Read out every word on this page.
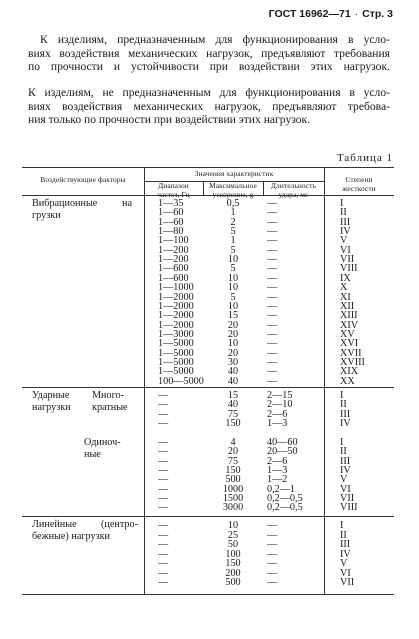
ГОСТ 16962—71 · Стр. 3
К изделиям, предназначенным для функционирования в усло-
виях воздействия механических нагрузок, предъявляют требования
по прочности и устойчивости при воздействии этих нагрузок.
К изделиям, не предназначенным для функционирования в усло-
виях воздействия механических нагрузок, предъявляют требова-
ния только по прочности при воздействии этих нагрузок.
Таблица 1
Воздействующие факторы
Значения характеристик
Диапазон
частот, Гц
Максимальное
ускорение, g
Длительность
удара, мс
Степени
жесткости
Вибрационные на
грузки
Ударные
нагрузки
Много-
кратные
Одиноч-
ные
Линейные (центро-
бежные) нагрузки
1—35
1—60
1—60
1—80
1—100
1—200
1—200
1—600
1—600
1—1000
1—2000
1—2000
1—2000
1—2000
1—3000
1—5000
1—5000
1—5000
1—5000
100—5000
0,5
1
2
5
1
5
10
5
10
10
5
10
15
20
20
10
20
30
40
40
—
—
—
—
—
—
—
—
—
—
—
—
—
—
—
—
—
—
—
—
I
II
III
IV
V
VI
VII
VIII
IX
X
XI
XII
XIII
XIV
XV
XVI
XVII
XVIII
XIX
XX
—
—
—
—
15
40
75
150
2—15
2—10
2—6
1—3
I
II
III
IV
—
—
—
—
—
—
—
—
4
20
75
150
500
1000
1500
3000
40—60
20—50
2—6
1—3
1—2
0,2—1
0,2—0,5
0,2—0,5
I
II
III
IV
V
VI
VII
VIII
—
—
—
—
—
—
—
10
25
50
100
150
200
500
—
—
—
—
—
—
—
I
II
III
IV
V
VI
VII
